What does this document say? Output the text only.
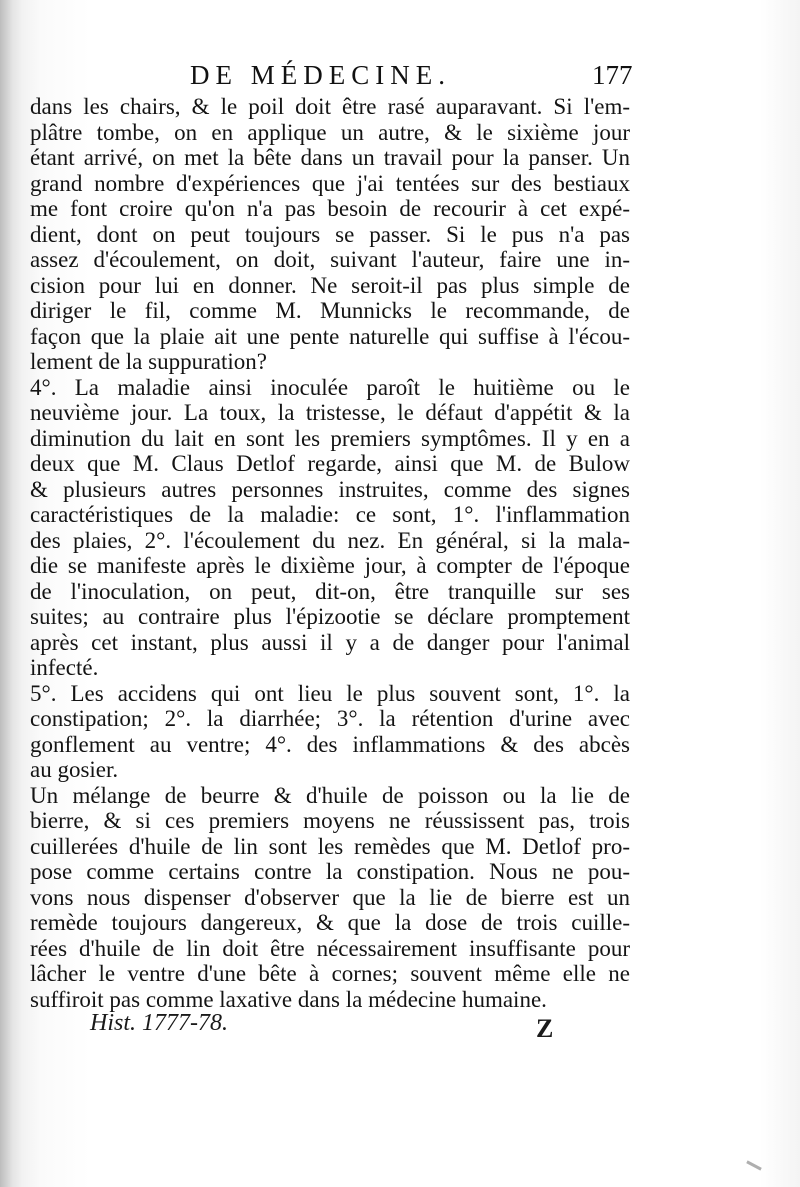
DE MÉDECINE.	177
dans les chairs, & le poil doit être rasé auparavant. Si l'em-
plâtre tombe, on en applique un autre, & le sixième jour
étant arrivé, on met la bête dans un travail pour la panser. Un
grand nombre d'expériences que j'ai tentées sur des bestiaux
me font croire qu'on n'a pas besoin de recourir à cet expé-
dient, dont on peut toujours se passer. Si le pus n'a pas
assez d'écoulement, on doit, suivant l'auteur, faire une in-
cision pour lui en donner. Ne seroit-il pas plus simple de
diriger le fil, comme M. Munnicks le recommande, de
façon que la plaie ait une pente naturelle qui suffise à l'écou-
lement de la suppuration?
4°. La maladie ainsi inoculée paroît le huitième ou le
neuvième jour. La toux, la tristesse, le défaut d'appétit & la
diminution du lait en sont les premiers symptômes. Il y en a
deux que M. Claus Detlof regarde, ainsi que M. de Bulow
& plusieurs autres personnes instruites, comme des signes
caractéristiques de la maladie: ce sont, 1°. l'inflammation
des plaies, 2°. l'écoulement du nez. En général, si la mala-
die se manifeste après le dixième jour, à compter de l'époque
de l'inoculation, on peut, dit-on, être tranquille sur ses
suites; au contraire plus l'épizootie se déclare promptement
après cet instant, plus aussi il y a de danger pour l'animal
infecté.
5°. Les accidens qui ont lieu le plus souvent sont, 1°. la
constipation; 2°. la diarrhée; 3°. la rétention d'urine avec
gonflement au ventre; 4°. des inflammations & des abcès
au gosier.
Un mélange de beurre & d'huile de poisson ou la lie de
bierre, & si ces premiers moyens ne réussissent pas, trois
cuillerées d'huile de lin sont les remèdes que M. Detlof pro-
pose comme certains contre la constipation. Nous ne pou-
vons nous dispenser d'observer que la lie de bierre est un
remède toujours dangereux, & que la dose de trois cuille-
rées d'huile de lin doit être nécessairement insuffisante pour
lâcher le ventre d'une bête à cornes; souvent même elle ne
suffiroit pas comme laxative dans la médecine humaine.
Hist. 1777-78.	Z
